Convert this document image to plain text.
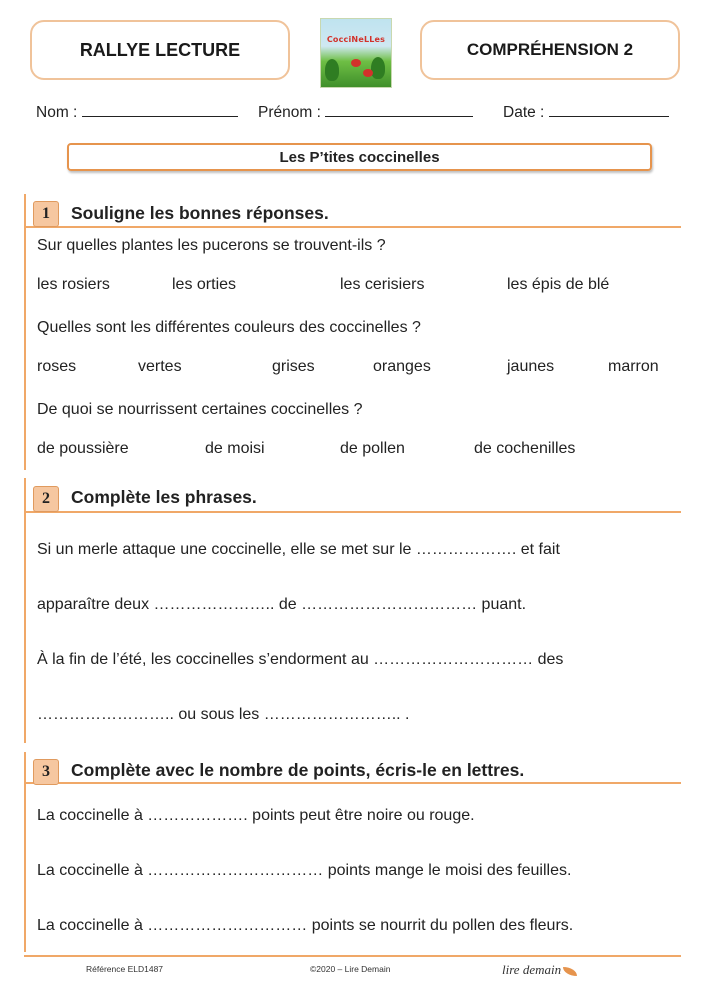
RALLYE LECTURE	CocciNeLLes
COMPRÉHENSION 2
Nom :	Prénom :	Date :
Les P’tites coccinelles
1	Souligne les bonnes réponses.
Sur quelles plantes les pucerons se trouvent-ils ?
les rosiers	les orties	les cerisiers	les épis de blé
Quelles sont les différentes couleurs des coccinelles ?
roses	vertes	grises	oranges	jaunes	marron
De quoi se nourrissent certaines coccinelles ?
de poussière	de moisi	de pollen	de cochenilles
2	Complète les phrases.
Si un merle attaque une coccinelle, elle se met sur le ………………. et fait
apparaître deux ………………….. de …………………………… puant.
À la fin de l’été, les coccinelles s’endorment au ………………………… des
…………………….. ou sous les …………………….. .
3	Complète avec le nombre de points, écris-le en lettres.
La coccinelle à ………………. points peut être noire ou rouge.
La coccinelle à …………………………… points mange le moisi des feuilles.
La coccinelle à ………………………… points se nourrit du pollen des fleurs.
Référence ELD1487	©2020 – Lire Demain	lire demain
